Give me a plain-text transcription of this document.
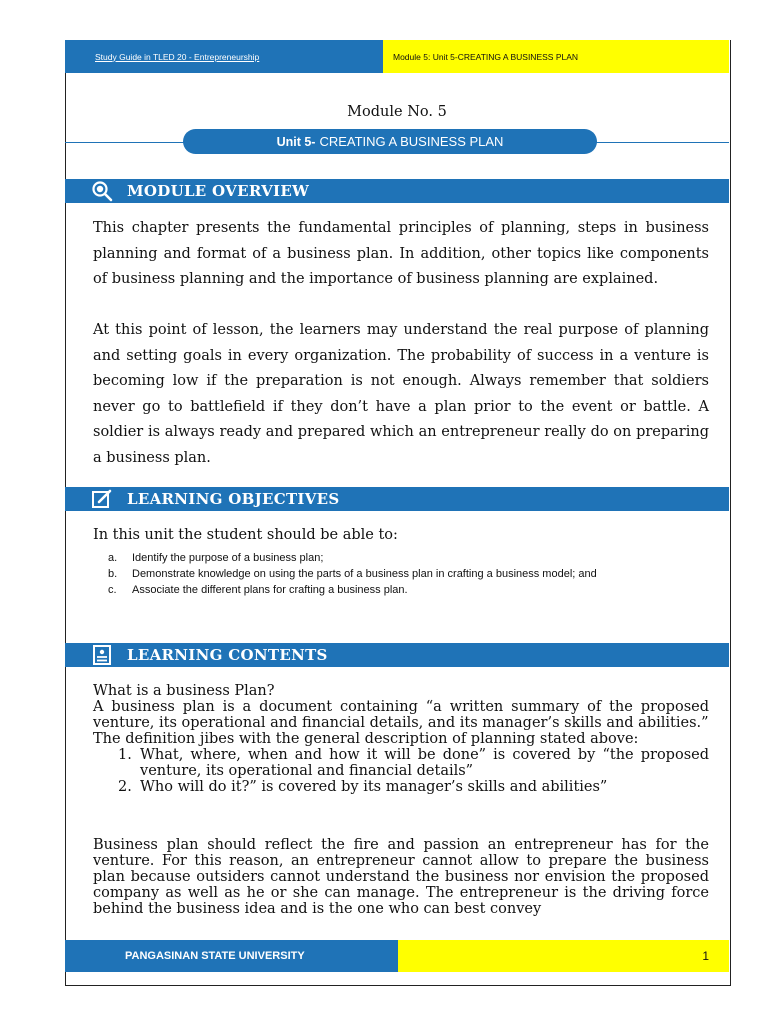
Study Guide in TLED 20 - Entrepreneurship	Module 5: Unit 5-CREATING A BUSINESS PLAN
Module No. 5
Unit 5- CREATING A BUSINESS PLAN
MODULE OVERVIEW
This chapter presents the fundamental principles of planning, steps in business planning and format of a business plan. In addition, other topics like components of business planning and the importance of business planning are explained.
At this point of lesson, the learners may understand the real purpose of planning and setting goals in every organization. The probability of success in a venture is becoming low if the preparation is not enough. Always remember that soldiers never go to battlefield if they don’t have a plan prior to the event or battle. A soldier is always ready and prepared which an entrepreneur really do on preparing a business plan.
LEARNING OBJECTIVES
In this unit the student should be able to:
a.	Identify the purpose of a business plan;
b.	Demonstrate knowledge on using the parts of a business plan in crafting a business model; and
c.	Associate the different plans for crafting a business plan.
LEARNING CONTENTS
What is a business Plan?
A business plan is a document containing “a written summary of the proposed venture, its operational and financial details, and its manager’s skills and abilities.”
The definition jibes with the general description of planning stated above:
1. What, where, when and how it will be done” is covered by “the proposed venture, its operational and financial details”
2. Who will do it?” is covered by its manager’s skills and abilities”
Business plan should reflect the fire and passion an entrepreneur has for the venture. For this reason, an entrepreneur cannot allow to prepare the business plan because outsiders cannot understand the business nor envision the proposed company as well as he or she can manage. The entrepreneur is the driving force behind the business idea and is the one who can best convey
PANGASINAN STATE UNIVERSITY	1
